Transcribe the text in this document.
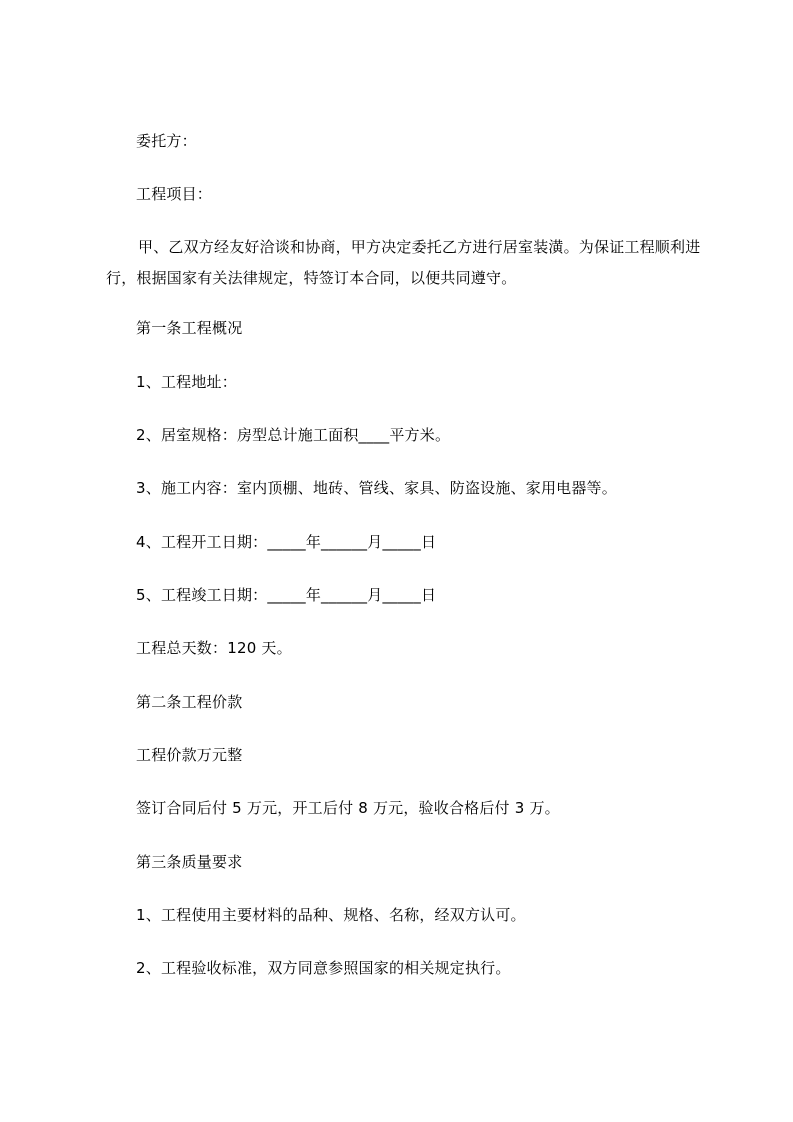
委托方：
工程项目：
甲、乙双方经友好洽谈和协商，甲方决定委托乙方进行居室装潢。为保证工程顺利进行，根据国家有关法律规定，特签订本合同，以便共同遵守。
第一条工程概况
1、工程地址：
2、居室规格：房型总计施工面积____平方米。
3、施工内容：室内顶棚、地砖、管线、家具、防盗设施、家用电器等。
4、工程开工日期：_____年______月_____日
5、工程竣工日期：_____年______月_____日
工程总天数：120 天。
第二条工程价款
工程价款万元整
签订合同后付 5 万元，开工后付 8 万元，验收合格后付 3 万。
第三条质量要求
1、工程使用主要材料的品种、规格、名称，经双方认可。
2、工程验收标准，双方同意参照国家的相关规定执行。
